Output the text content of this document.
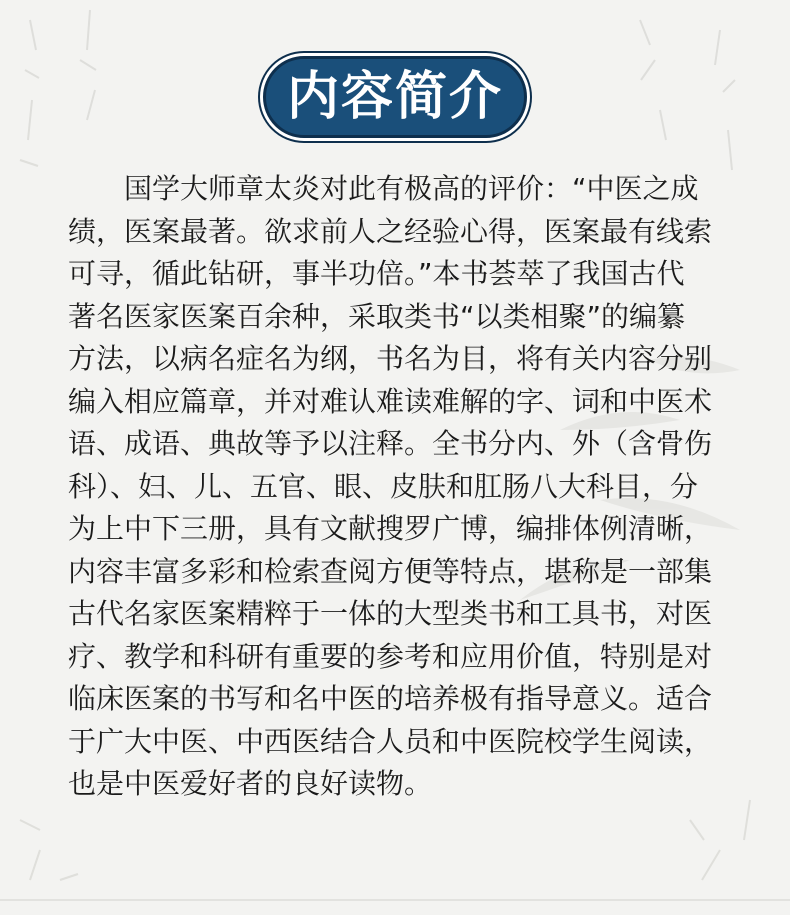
内容简介
　　国学大师章太炎对此有极高的评价：“中医之成
绩，医案最著。欲求前人之经验心得，医案最有线索
可寻，循此钻研，事半功倍。”本书荟萃了我国古代
著名医家医案百余种，采取类书“以类相聚”的编纂
方法，以病名症名为纲，书名为目，将有关内容分别
编入相应篇章，并对难认难读难解的字、词和中医术
语、成语、典故等予以注释。全书分内、外（含骨伤
科）、妇、儿、五官、眼、皮肤和肛肠八大科目，分
为上中下三册，具有文献搜罗广博，编排体例清晰，
内容丰富多彩和检索查阅方便等特点，堪称是一部集
古代名家医案精粹于一体的大型类书和工具书，对医
疗、教学和科研有重要的参考和应用价值，特别是对
临床医案的书写和名中医的培养极有指导意义。适合
于广大中医、中西医结合人员和中医院校学生阅读，
也是中医爱好者的良好读物。
